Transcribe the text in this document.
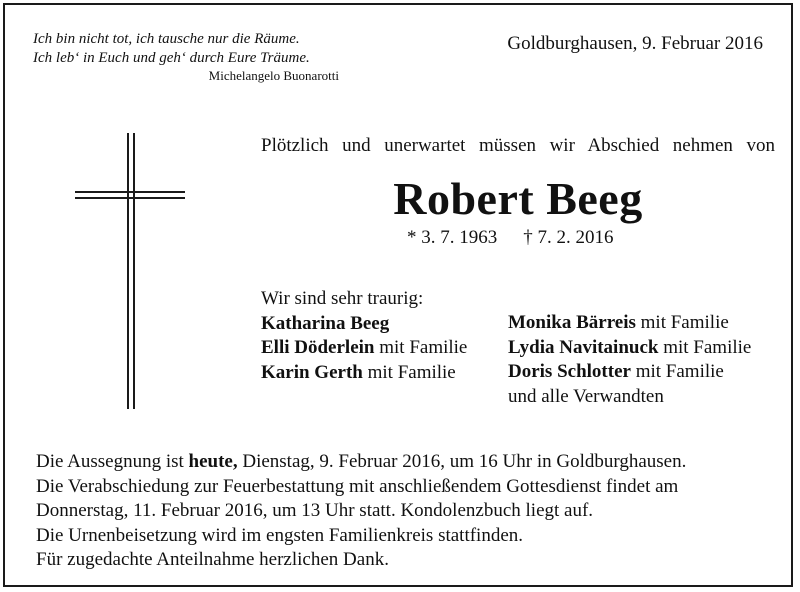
Ich bin nicht tot, ich tausche nur die Räume.
Ich leb‘ in Euch und geh‘ durch Eure Träume.
Michelangelo Buonarotti
Goldburghausen, 9. Februar 2016
Plötzlich und unerwartet müssen wir Abschied nehmen von
Robert Beeg
* 3. 7. 1963 † 7. 2. 2016
Wir sind sehr traurig:
Katharina Beeg
Elli Döderlein mit Familie
Karin Gerth mit Familie
Monika Bärreis mit Familie
Lydia Navitainuck mit Familie
Doris Schlotter mit Familie
und alle Verwandten
Die Aussegnung ist heute, Dienstag, 9. Februar 2016, um 16 Uhr in Goldburghausen.
Die Verabschiedung zur Feuerbestattung mit anschließendem Gottesdienst findet am
Donnerstag, 11. Februar 2016, um 13 Uhr statt. Kondolenzbuch liegt auf.
Die Urnenbeisetzung wird im engsten Familienkreis stattfinden.
Für zugedachte Anteilnahme herzlichen Dank.
